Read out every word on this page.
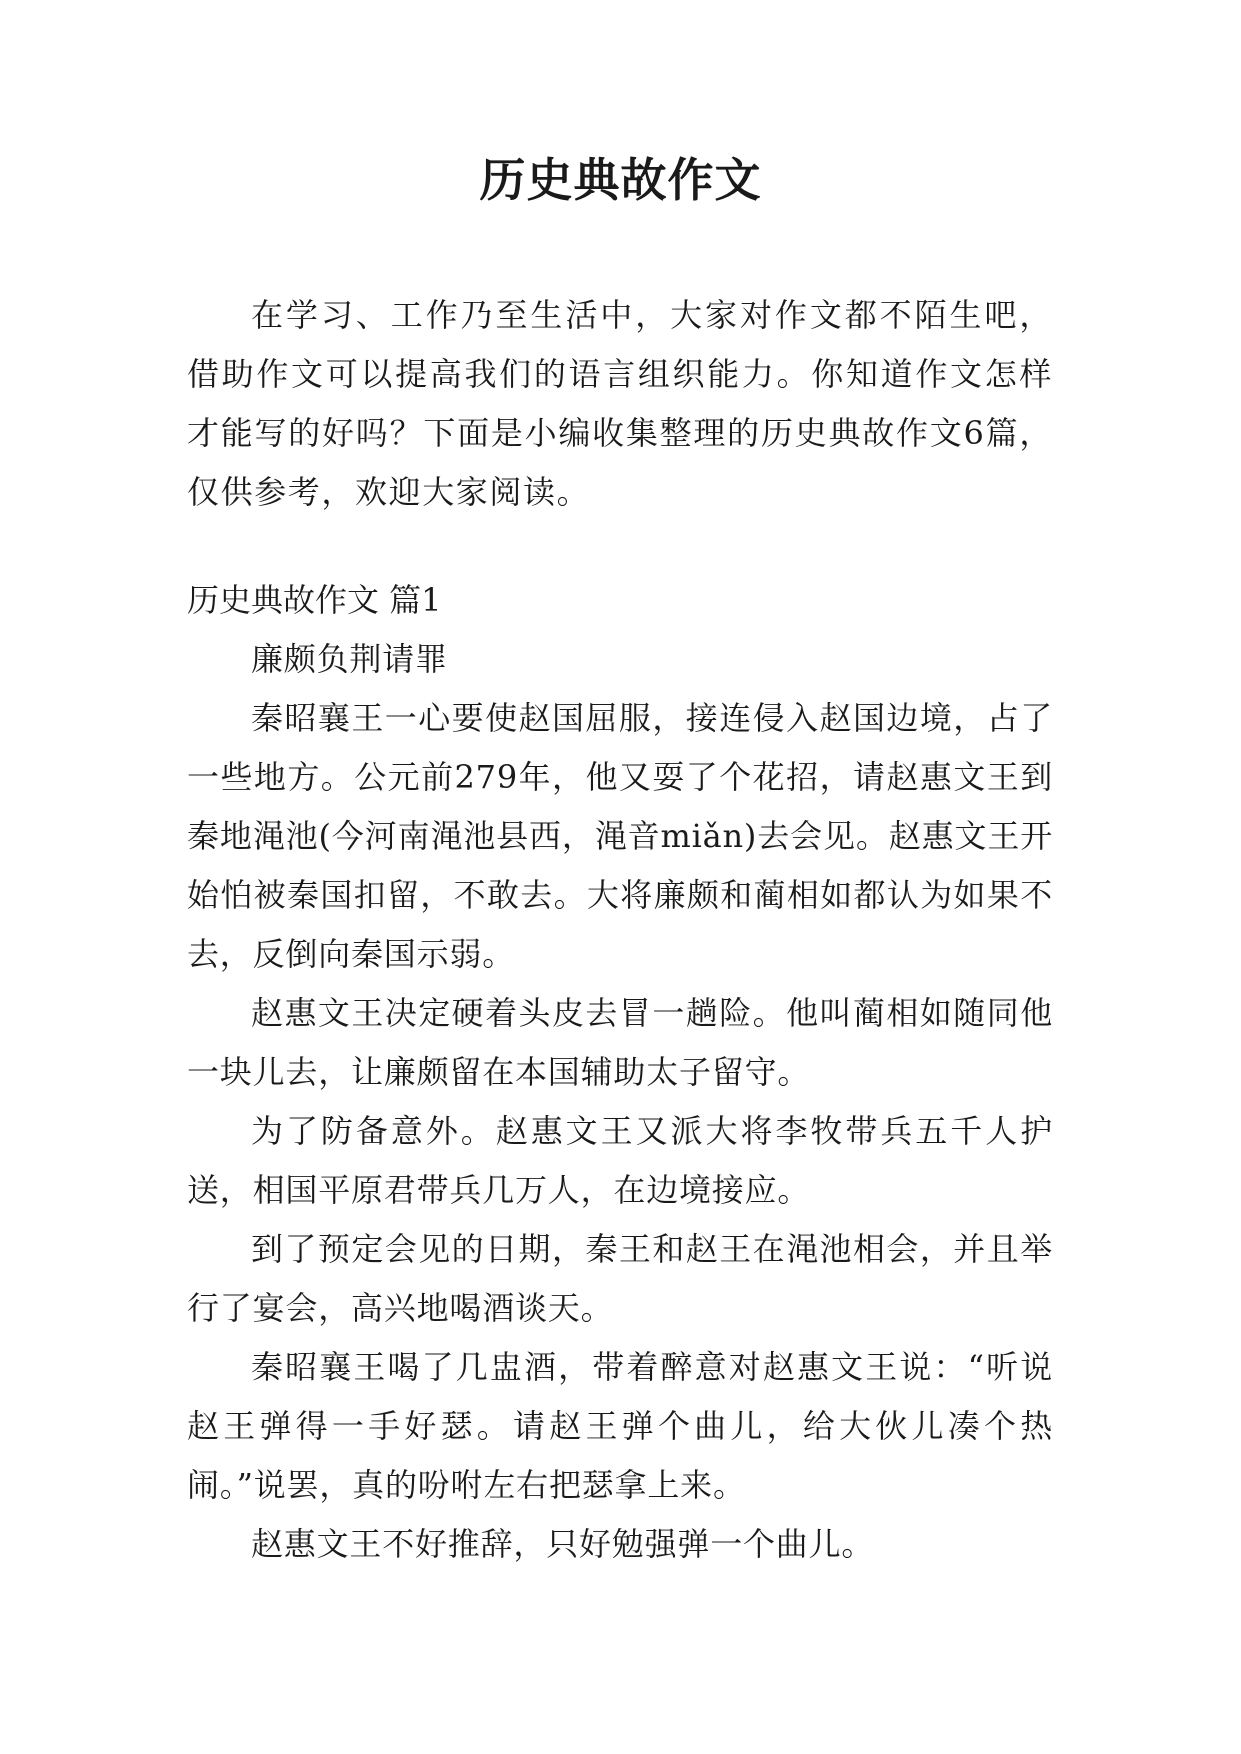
历史典故作文

在学习、工作乃至生活中，大家对作文都不陌生吧，借助作文可以提高我们的语言组织能力。你知道作文怎样才能写的好吗？下面是小编收集整理的历史典故作文6篇，仅供参考，欢迎大家阅读。

历史典故作文 篇1

廉颇负荆请罪

秦昭襄王一心要使赵国屈服，接连侵入赵国边境，占了一些地方。公元前279年，他又耍了个花招，请赵惠文王到秦地渑池(今河南渑池县西，渑音miǎn)去会见。赵惠文王开始怕被秦国扣留，不敢去。大将廉颇和蔺相如都认为如果不去，反倒向秦国示弱。

赵惠文王决定硬着头皮去冒一趟险。他叫蔺相如随同他一块儿去，让廉颇留在本国辅助太子留守。

为了防备意外。赵惠文王又派大将李牧带兵五千人护送，相国平原君带兵几万人，在边境接应。

到了预定会见的日期，秦王和赵王在渑池相会，并且举行了宴会，高兴地喝酒谈天。

秦昭襄王喝了几盅酒，带着醉意对赵惠文王说：“听说赵王弹得一手好瑟。请赵王弹个曲儿，给大伙儿凑个热闹。”说罢，真的吩咐左右把瑟拿上来。

赵惠文王不好推辞，只好勉强弹一个曲儿。
